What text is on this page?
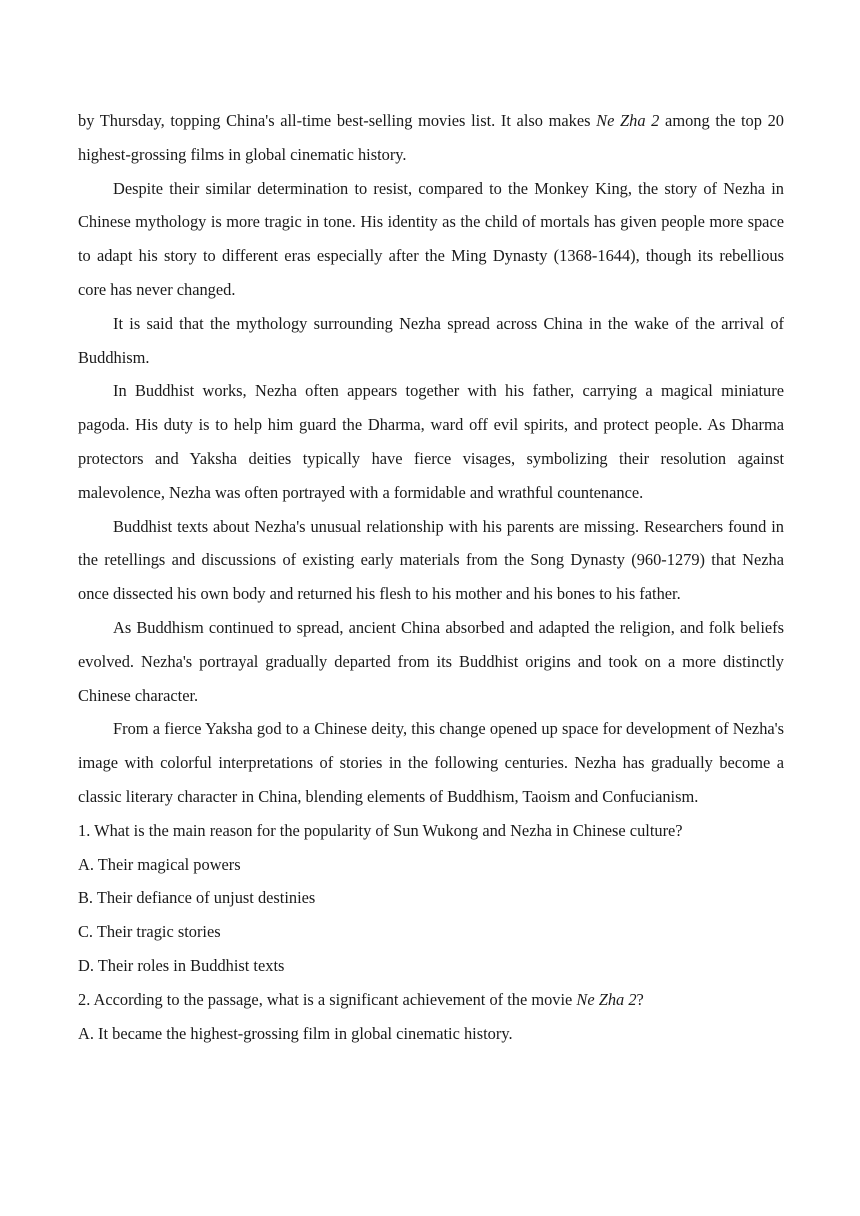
by Thursday, topping China's all-time best-selling movies list. It also makes Ne Zha 2 among the top 20 highest-grossing films in global cinematic history.

Despite their similar determination to resist, compared to the Monkey King, the story of Nezha in Chinese mythology is more tragic in tone. His identity as the child of mortals has given people more space to adapt his story to different eras especially after the Ming Dynasty (1368-1644), though its rebellious core has never changed.

It is said that the mythology surrounding Nezha spread across China in the wake of the arrival of Buddhism.

In Buddhist works, Nezha often appears together with his father, carrying a magical miniature pagoda. His duty is to help him guard the Dharma, ward off evil spirits, and protect people. As Dharma protectors and Yaksha deities typically have fierce visages, symbolizing their resolution against malevolence, Nezha was often portrayed with a formidable and wrathful countenance.

Buddhist texts about Nezha's unusual relationship with his parents are missing. Researchers found in the retellings and discussions of existing early materials from the Song Dynasty (960-1279) that Nezha once dissected his own body and returned his flesh to his mother and his bones to his father.

As Buddhism continued to spread, ancient China absorbed and adapted the religion, and folk beliefs evolved. Nezha's portrayal gradually departed from its Buddhist origins and took on a more distinctly Chinese character.

From a fierce Yaksha god to a Chinese deity, this change opened up space for development of Nezha's image with colorful interpretations of stories in the following centuries. Nezha has gradually become a classic literary character in China, blending elements of Buddhism, Taoism and Confucianism.

1. What is the main reason for the popularity of Sun Wukong and Nezha in Chinese culture?

A. Their magical powers

B. Their defiance of unjust destinies

C. Their tragic stories

D. Their roles in Buddhist texts

2. According to the passage, what is a significant achievement of the movie Ne Zha 2?

A. It became the highest-grossing film in global cinematic history.
